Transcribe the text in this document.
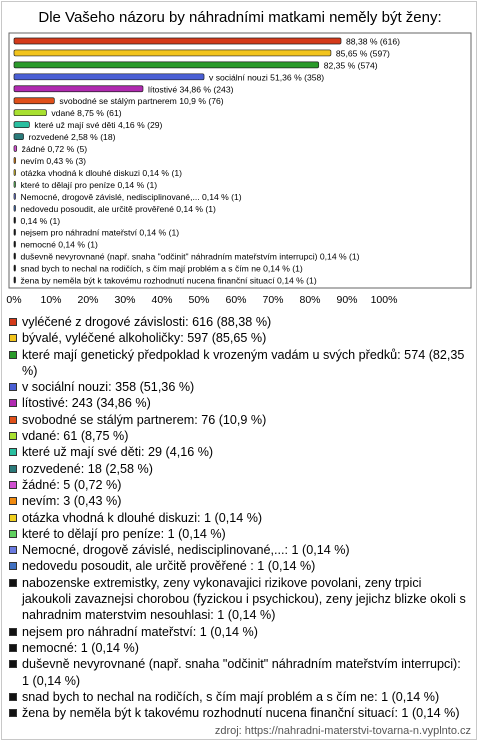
Dle Vašeho názoru by náhradními matkami neměly být ženy:
88,38 % (616)
85,65 % (597)
82,35 % (574)
v sociální nouzi 51,36 % (358)
lítostivé 34,86 % (243)
svobodné se stálým partnerem 10,9 % (76)
vdané 8,75 % (61)
které už mají své děti 4,16 % (29)
rozvedené 2,58 % (18)
žádné 0,72 % (5)
nevím 0,43 % (3)
otázka vhodná k dlouhé diskuzi 0,14 % (1)
které to dělají pro peníze 0,14 % (1)
Nemocné, drogově závislé, nedisciplinované,... 0,14 % (1)
nedovedu posoudit, ale určitě prověřené 0,14 % (1)
0,14 % (1)
nejsem pro náhradní mateřství 0,14 % (1)
nemocné 0,14 % (1)
duševně nevyrovnané (např. snaha "odčinit" náhradním mateřstvím interrupci) 0,14 % (1)
snad bych to nechal na rodičích, s čím mají problém a s čím ne 0,14 % (1)
žena by neměla být k takovému rozhodnutí nucena finanční situací 0,14 % (1)
0% 10% 20% 30% 40% 50% 60% 70% 80% 90% 100%
vyléčené z drogové závislosti: 616 (88,38 %)
bývalé, vyléčené alkoholičky: 597 (85,65 %)
které mají genetický předpoklad k vrozeným vadám u svých předků: 574 (82,35 %)
v sociální nouzi: 358 (51,36 %)
lítostivé: 243 (34,86 %)
svobodné se stálým partnerem: 76 (10,9 %)
vdané: 61 (8,75 %)
které už mají své děti: 29 (4,16 %)
rozvedené: 18 (2,58 %)
žádné: 5 (0,72 %)
nevím: 3 (0,43 %)
otázka vhodná k dlouhé diskuzi: 1 (0,14 %)
které to dělají pro peníze: 1 (0,14 %)
Nemocné, drogově závislé, nedisciplinované,...: 1 (0,14 %)
nedovedu posoudit, ale určitě prověřené : 1 (0,14 %)
nabozenske extremistky, zeny vykonavajici rizikove povolani, zeny trpici jakoukoli zavaznejsi chorobou (fyzickou i psychickou), zeny jejichz blizke okoli s nahradnim materstvim nesouhlasi: 1 (0,14 %)
nejsem pro náhradní mateřství: 1 (0,14 %)
nemocné: 1 (0,14 %)
duševně nevyrovnané (např. snaha "odčinit" náhradním mateřstvím interrupci): 1 (0,14 %)
snad bych to nechal na rodičích, s čím mají problém a s čím ne: 1 (0,14 %)
žena by neměla být k takovému rozhodnutí nucena finanční situací: 1 (0,14 %)
zdroj: https://nahradni-materstvi-tovarna-n.vyplnto.cz
